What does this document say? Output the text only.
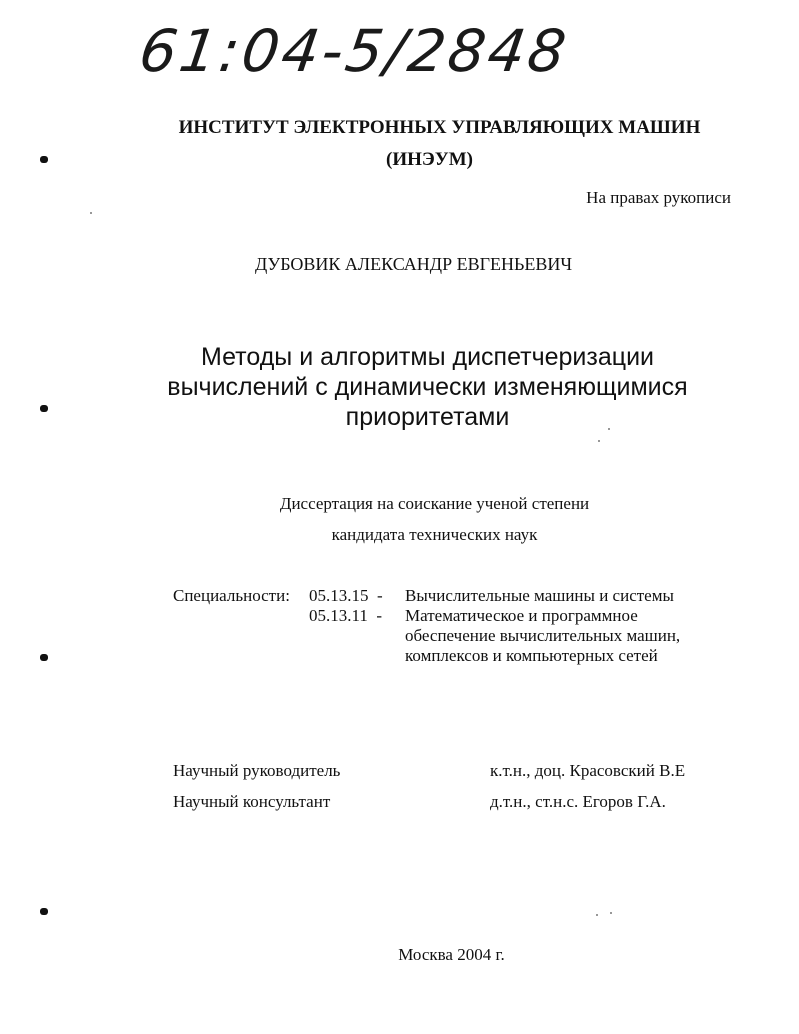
61:04-5/2848
ИНСТИТУТ ЭЛЕКТРОННЫХ УПРАВЛЯЮЩИХ МАШИН
(ИНЭУМ)
На правах рукописи
ДУБОВИК АЛЕКСАНДР ЕВГЕНЬЕВИЧ
Методы и алгоритмы диспетчеризации
вычислений с динамически изменяющимися
приоритетами
Диссертация на соискание ученой степени
кандидата технических наук
Специальности:	05.13.15 -	Вычислительные машины и системы

	05.13.11 -	Математическое и программное
обеспечение вычислительных машин,
комплексов и компьютерных сетей
Научный руководитель	к.т.н., доц. Красовский В.Е
Научный консультант	д.т.н., ст.н.с. Егоров Г.А.
Москва 2004 г.
